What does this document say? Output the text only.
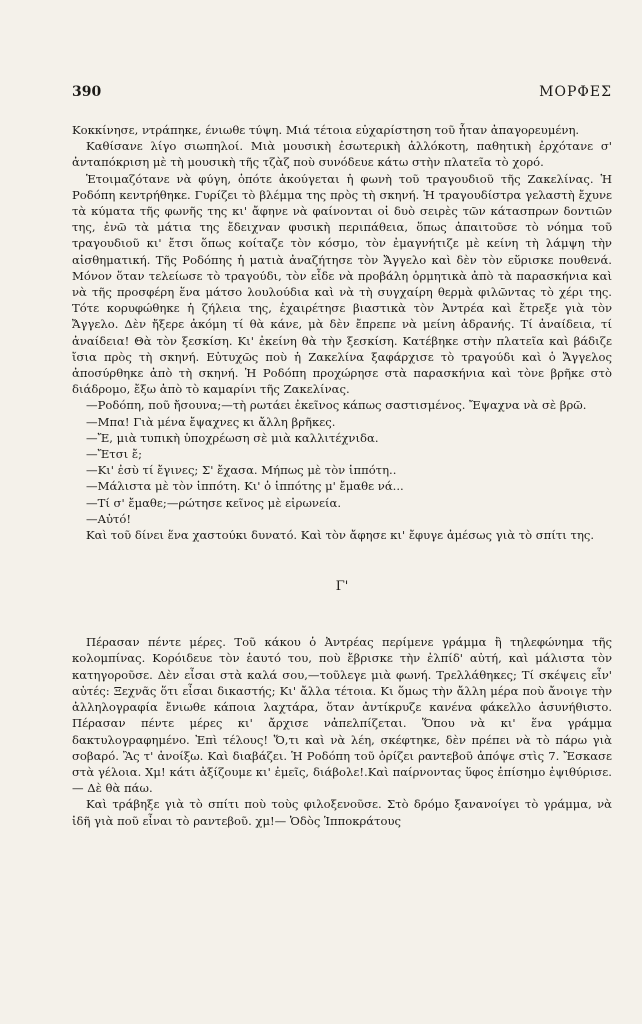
390	ΜΟΡΦΕΣ

Κοκκίνησε, ντράπηκε, ένιωθε τύψη. Μιά τέτοια εὐχαρίστηση τοῦ ἦταν ἀπαγορευμένη.

Καθίσανε λίγο σιωπηλοί. Μιὰ μουσικὴ ἐσωτερικὴ ἀλλόκοτη, παθητικὴ ἐρχότανε σ' ἀνταπόκριση μὲ τὴ μουσικὴ τῆς τζὰζ ποὺ συνόδευε κάτω στὴν πλατεῖα τὸ χορό.

Ἑτοιμαζότανε νὰ φύγη, ὁπότε ἀκούγεται ἡ φωνὴ τοῦ τραγουδιοῦ τῆς Ζακελίνας. Ἡ Ροδόπη κεντρήθηκε. Γυρίζει τὸ βλέμμα της πρὸς τὴ σκηνή. Ἡ τραγουδίστρα γελαστὴ ἔχυνε τὰ κύματα τῆς φωνῆς της κι' ἄφηνε νὰ φαίνονται οἱ δυὸ σειρὲς τῶν κάτασπρων δοντιῶν της, ἐνῶ τὰ μάτια της ἔδειχναν φυσικὴ περιπάθεια, ὅπως ἀπαιτοῦσε τὸ νόημα τοῦ τραγουδιοῦ κι' ἔτσι ὅπως κοίταζε τὸν κόσμο, τὸν ἐμαγνήτιζε μὲ κείνη τὴ λάμψη τὴν αἰσθηματική. Τῆς Ροδόπης ἡ ματιὰ ἀναζήτησε τὸν Ἄγγελο καὶ δὲν τὸν εὕρισκε πουθενά. Μόνον ὅταν τελείωσε τὸ τραγούδι, τὸν εἶδε νὰ προβάλη ὁρμητικὰ ἀπὸ τὰ παρασκήνια καὶ νὰ τῆς προσφέρη ἕνα μάτσο λουλούδια καὶ νὰ τὴ συγχαίρη θερμὰ φιλῶντας τὸ χέρι της. Τότε κορυφώθηκε ἡ ζήλεια της, ἐχαιρέτησε βιαστικὰ τὸν Ἀντρέα καὶ ἔτρεξε γιὰ τὸν Ἄγγελο. Δὲν ἤξερε ἀκόμη τί θὰ κάνε, μὰ δὲν ἔπρεπε νὰ μείνη ἀδρανής. Τί ἀναίδεια, τί ἀναίδεια! Θὰ τὸν ξεσκίση. Κι' ἐκείνη θὰ τὴν ξεσκίση. Κατέβηκε στὴν πλατεῖα καὶ βάδιζε ἴσια πρὸς τὴ σκηνή. Εὐτυχῶς ποὺ ἡ Ζακελίνα ξαφάρχισε τὸ τραγούδι καὶ ὁ Ἄγγελος ἀποσύρθηκε ἀπὸ τὴ σκηνή. Ἡ Ροδόπη προχώρησε στὰ παρασκήνια καὶ τὸνε βρῆκε στὸ διάδρομο, ἔξω ἀπὸ τὸ καμαρίνι τῆς Ζακελίνας.

—Ροδόπη, ποῦ ἤσουνα;—τὴ ρωτάει ἐκεῖνος κάπως σαστισμένος. Ἔψαχνα νὰ σὲ βρῶ.

—Μπα! Γιὰ μένα ἔψαχνες κι ἄλλη βρῆκες.

—Ἔ, μιὰ τυπικὴ ὑποχρέωση σὲ μιὰ καλλιτέχνιδα.

—Ἔτσι ἔ;

—Κι' ἐσὺ τί ἔγινες; Σ' ἔχασα. Μήπως μὲ τὸν ἱππότη..

—Μάλιστα μὲ τὸν ἱππότη. Κι' ὁ ἱππότης μ' ἔμαθε νά...

—Τί σ' ἔμαθε;—ρώτησε κεῖνος μὲ εἰρωνεία.

—Αὐτό!

Καὶ τοῦ δίνει ἕνα χαστούκι δυνατό. Καὶ τὸν ἄφησε κι' ἔφυγε ἀμέσως γιὰ τὸ σπίτι της.

Γ'

Πέρασαν πέντε μέρες. Τοῦ κάκου ὁ Ἀντρέας περίμενε γράμμα ἢ τηλεφώνημα τῆς κολομπίνας. Κορόιδευε τὸν ἑαυτό του, ποὺ ἔβρισκε τὴν ἐλπίδ' αὐτή, καὶ μάλιστα τὸν κατηγοροῦσε. Δὲν εἶσαι στὰ καλά σου,—τοῦλεγε μιὰ φωνή. Τρελλάθηκες; Τί σκέψεις εἶν' αὐτές: Ξεχνᾶς ὅτι εἶσαι δικαστής; Κι' ἄλλα τέτοια. Κι ὅμως τὴν ἄλλη μέρα ποὺ ἄνοιγε τὴν ἀλληλογραφία ἔνιωθε κάποια λαχτάρα, ὅταν ἀντίκρυζε κανένα φάκελλο ἀσυνήθιστο. Πέρασαν πέντε μέρες κι' ἄρχισε νἀπελπίζεται. Ὅπου νὰ κι' ἕνα γράμμα δακτυλογραφημένο. Ἐπὶ τέλους! Ὅ,τι καὶ νὰ λέη, σκέφτηκε, δὲν πρέπει νὰ τὸ πάρω γιὰ σοβαρό. Ἂς τ' ἀνοίξω. Καὶ διαβάζει. Ἡ Ροδόπη τοῦ ὁρίζει ραντεβοῦ ἀπόψε στὶς 7. Ἔσκασε στὰ γέλοια. Χμ! κάτι ἀξίζουμε κι' ἐμεῖς, διάβολε!.Καὶ παίρνοντας ὕφος ἐπίσημο ἐψιθύρισε. — Δὲ θὰ πάω.

Καὶ τράβηξε γιὰ τὸ σπίτι ποὺ τοὺς φιλοξενοῦσε. Στὸ δρόμο ξανανοίγει τὸ γράμμα, νὰ ἰδῆ γιὰ ποῦ εἶναι τὸ ραντεβοῦ. χμ!— Ὁδὸς Ἱπποκράτους
